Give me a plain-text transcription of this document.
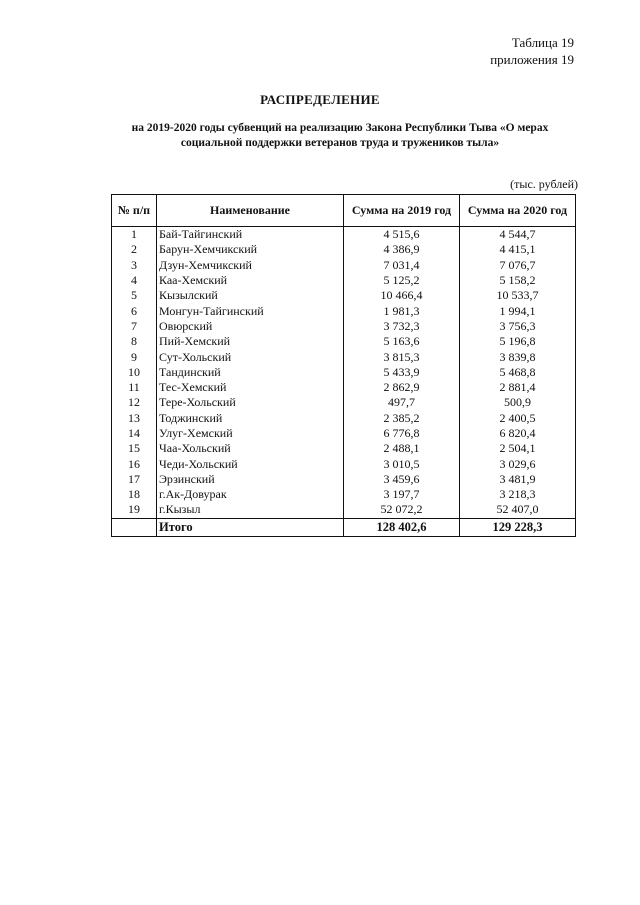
Таблица 19
приложения 19
РАСПРЕДЕЛЕНИЕ
на 2019-2020 годы субвенций на реализацию Закона Республики Тыва «О мерах
социальной поддержки ветеранов труда и тружеников тыла»
(тыс. рублей)
№ п/п	Наименование	Сумма на 2019 год	Сумма на 2020 год
1	Бай-Тайгинский	4 515,6	4 544,7
2	Барун-Хемчикский	4 386,9	4 415,1
3	Дзун-Хемчикский	7 031,4	7 076,7
4	Каа-Хемский	5 125,2	5 158,2
5	Кызылский	10 466,4	10 533,7
6	Монгун-Тайгинский	1 981,3	1 994,1
7	Овюрский	3 732,3	3 756,3
8	Пий-Хемский	5 163,6	5 196,8
9	Сут-Хольский	3 815,3	3 839,8
10	Тандинский	5 433,9	5 468,8
11	Тес-Хемский	2 862,9	2 881,4
12	Тере-Хольский	497,7	500,9
13	Тоджинский	2 385,2	2 400,5
14	Улуг-Хемский	6 776,8	6 820,4
15	Чаа-Хольский	2 488,1	2 504,1
16	Чеди-Хольский	3 010,5	3 029,6
17	Эрзинский	3 459,6	3 481,9
18	г.Ак-Довурак	3 197,7	3 218,3
19	г.Кызыл	52 072,2	52 407,0
	Итого	128 402,6	129 228,3
